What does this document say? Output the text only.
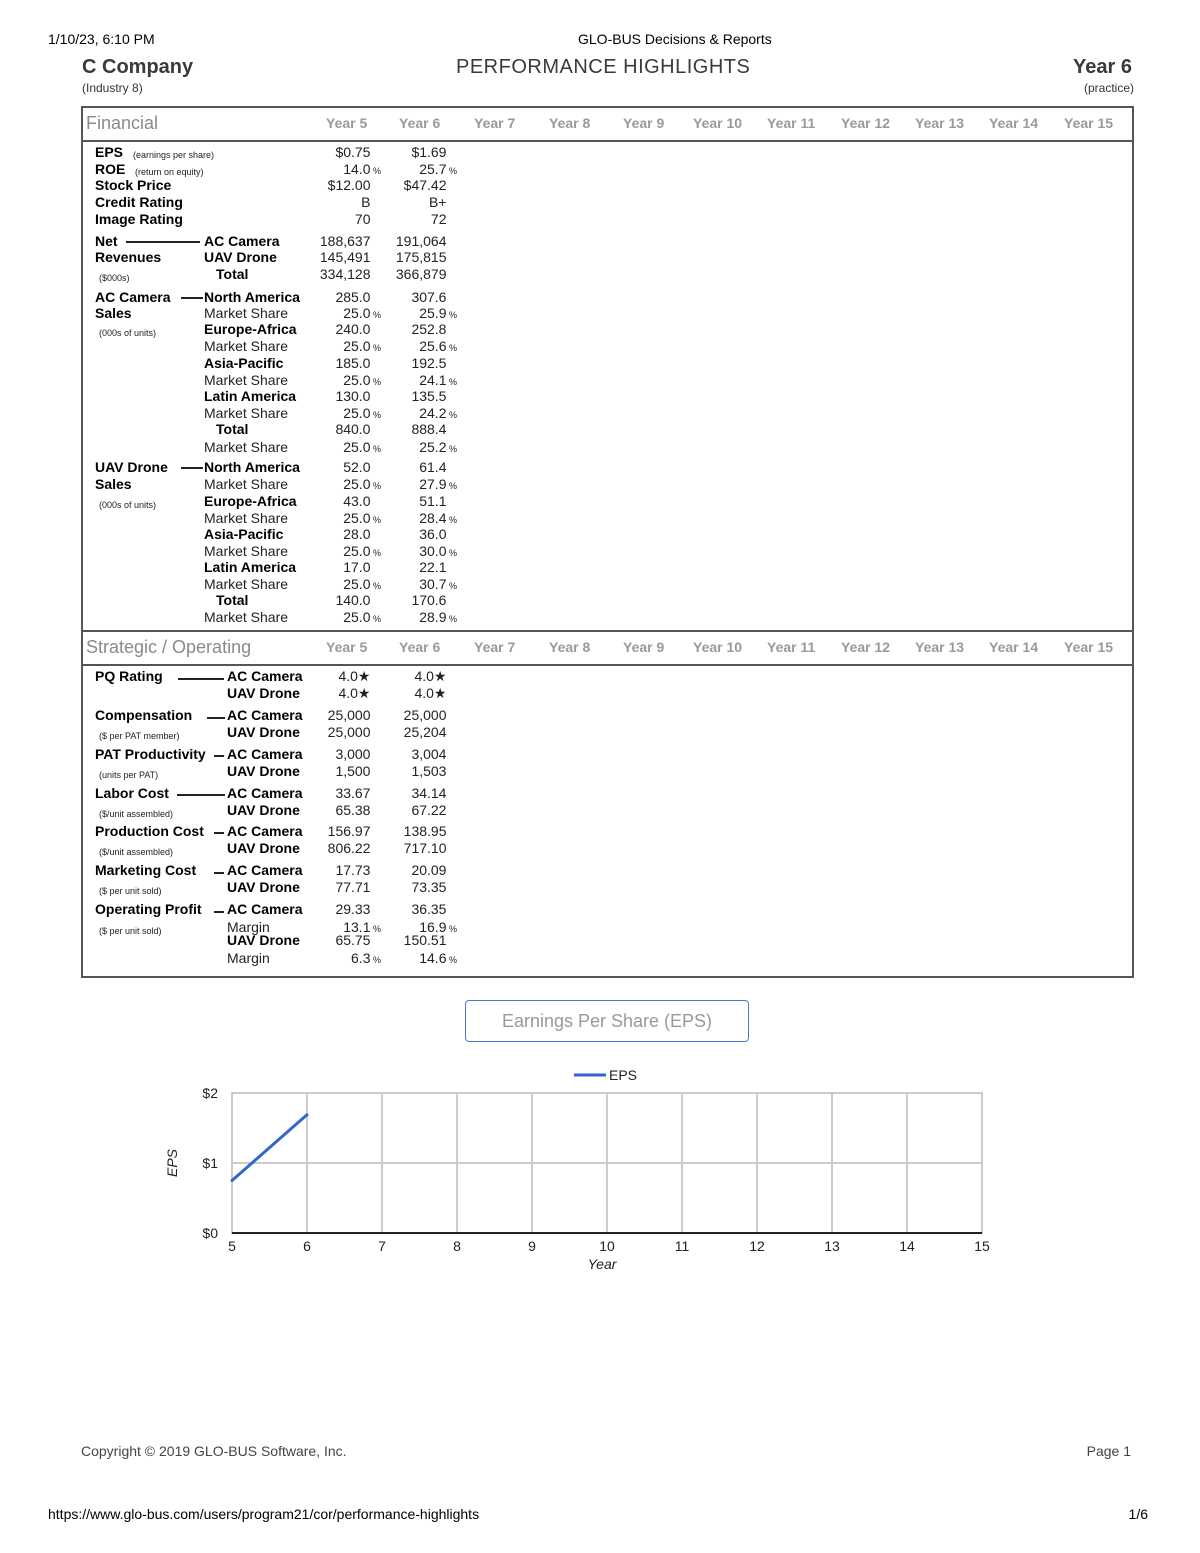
1/10/23, 6:10 PM	GLO-BUS Decisions & Reports
C Company
(Industry 8)
PERFORMANCE HIGHLIGHTS	Year 6
(practice)
Financial	Year 5 Year 6 Year 7 Year 8 Year 9 Year 10 Year 11 Year 12 Year 13 Year 14 Year 15
EPS (earnings per share)	$0.75	$1.69
ROE (return on equity)	14.0 %	25.7 %
Stock Price	$12.00	$47.42
Credit Rating	B	B+
Image Rating	70	72
Net	AC Camera	188,637	191,064
Revenues	UAV Drone	145,491	175,815
($000s)	Total	334,128	366,879
AC Camera North America	285.0	307.6
Sales	Market Share	25.0 %	25.9 %
(000s of units)	Europe-Africa	240.0	252.8
Market Share	25.0 %	25.6 %
Asia-Pacific	185.0	192.5
Market Share	25.0 %	24.1 %
Latin America	130.0	135.5
Market Share	25.0 %	24.2 %
Total	840.0	888.4
Market Share	25.0 %	25.2 %
UAV Drone	North America	52.0	61.4
Sales	Market Share	25.0 %	27.9 %
(000s of units)	Europe-Africa	43.0	51.1
Market Share	25.0 %	28.4 %
Asia-Pacific	28.0	36.0
Market Share	25.0 %	30.0 %
Latin America	17.0	22.1
Market Share	25.0 %	30.7 %
Total	140.0	170.6
Market Share	25.0 %	28.9 %
Strategic / Operating	Year 5 Year 6 Year 7 Year 8 Year 9 Year 10 Year 11 Year 12 Year 13 Year 14 Year 15
PQ Rating	AC Camera	4.0★	4.0★
UAV Drone	4.0★	4.0★
Compensation AC Camera 25,000	25,000
($ per PAT member)	UAV Drone 25,000	25,204
PAT Productivity AC Camera 3,000	3,004
(units per PAT)	UAV Drone	1,500	1,503
Labor Cost	AC Camera 33.67	34.14
($/unit assembled)	UAV Drone	65.38	67.22
Production Cost AC Camera 156.97	138.95
($/unit assembled)	UAV Drone 806.22	717.10
Marketing Cost AC Camera 17.73	20.09
($ per unit sold)	UAV Drone	77.71	73.35
Operating Profit AC Camera 29.33	36.35
($ per unit sold)	Margin	13.1 %	16.9 %
UAV Drone	65.75	150.51
Margin	6.3 %	14.6 %
Earnings Per Share (EPS)
5	6	7	8	9	10	11	12	13	14	15
$0
$1
$2
Year
EPS
EPS
Copyright © 2019 GLO-BUS Software, Inc.	Page 1
https://www.glo-bus.com/users/program21/cor/performance-highlights	1/6
